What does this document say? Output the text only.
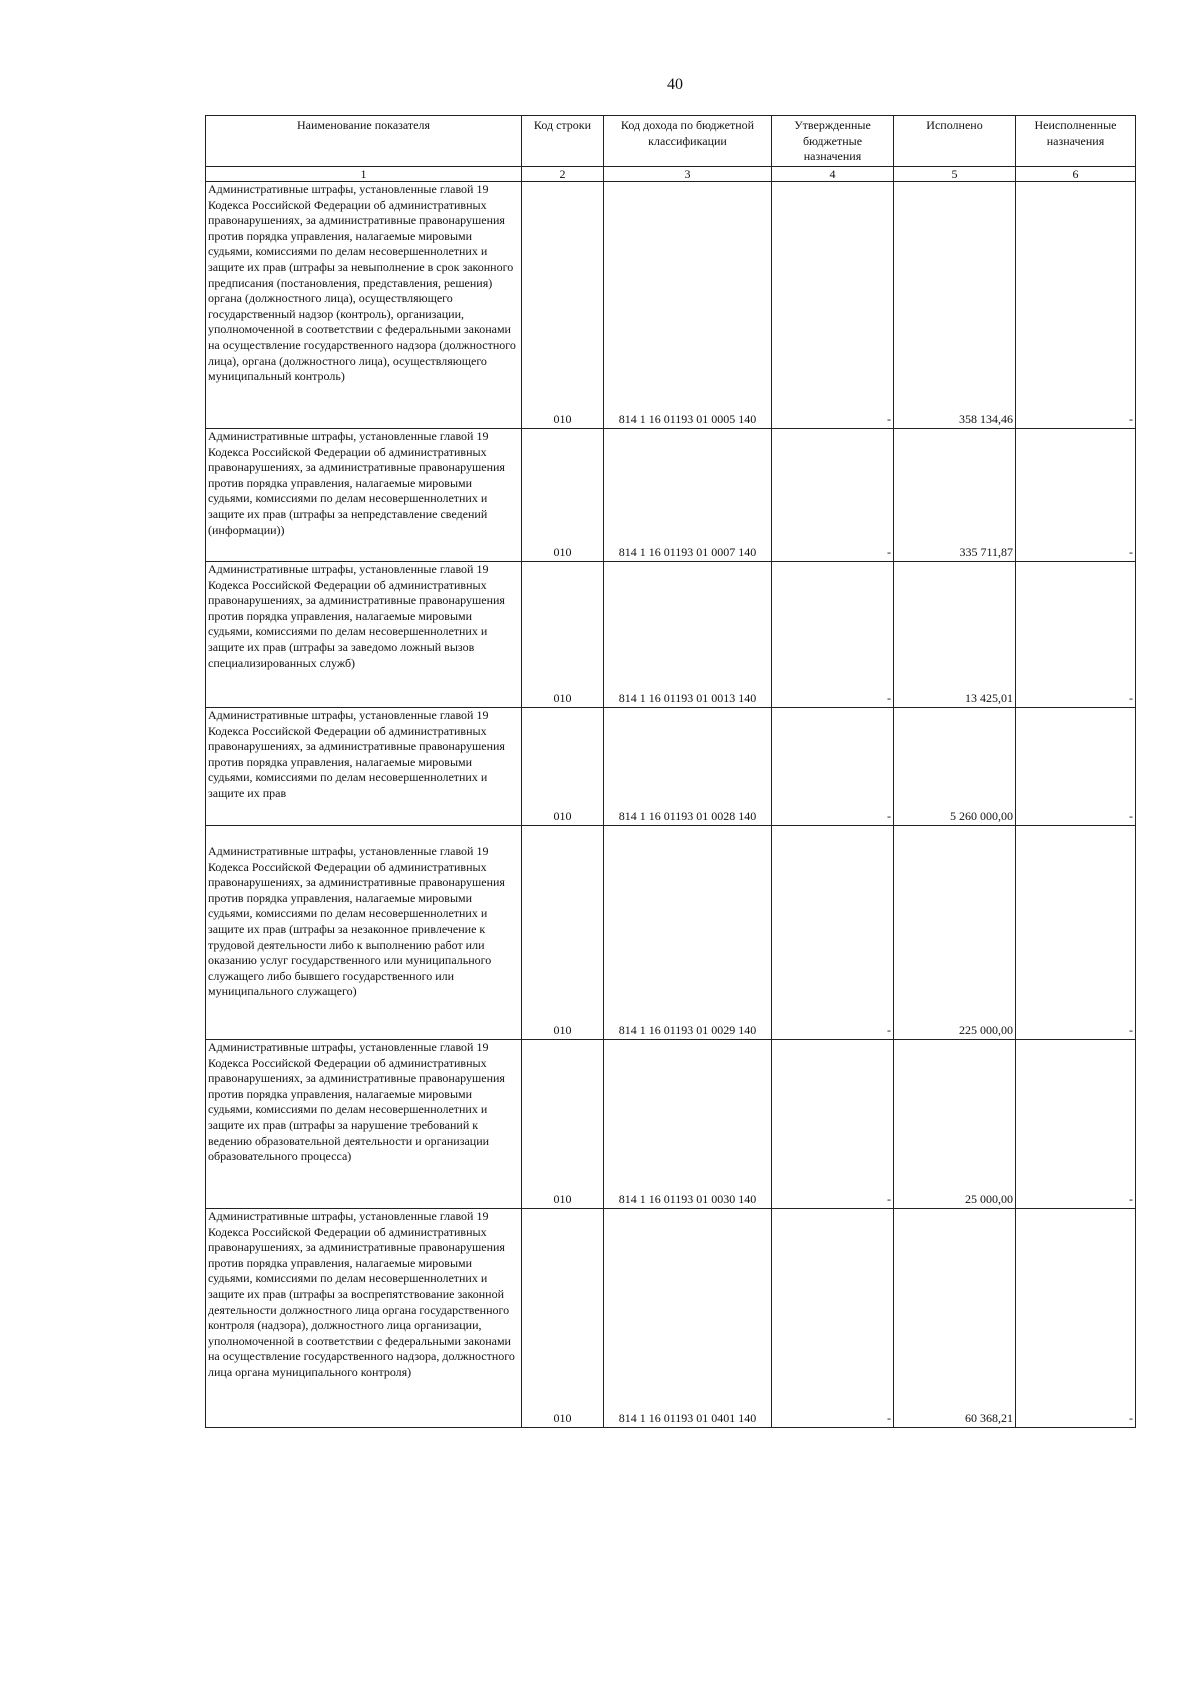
40
Наименование показателя	Код строки	Код дохода по бюджетной классификации	Утвержденные бюджетные назначения	Исполнено	Неисполненные назначения
1	2	3	4	5	6
Административные штрафы, установленные главой 19 Кодекса Российской Федерации об административных правонарушениях, за административные правонарушения против порядка управления, налагаемые мировыми судьями, комиссиями по делам несовершеннолетних и защите их прав (штрафы за невыполнение в срок законного предписания (постановления, представления, решения) органа (должностного лица), осуществляющего государственный надзор (контроль), организации, уполномоченной в соответствии с федеральными законами на осуществление государственного надзора (должностного лица), органа (должностного лица), осуществляющего муниципальный контроль)	010	814 1 16 01193 01 0005 140	-	358 134,46	-
Административные штрафы, установленные главой 19 Кодекса Российской Федерации об административных правонарушениях, за административные правонарушения против порядка управления, налагаемые мировыми судьями, комиссиями по делам несовершеннолетних и защите их прав (штрафы за непредставление сведений (информации))	010	814 1 16 01193 01 0007 140	-	335 711,87	-
Административные штрафы, установленные главой 19 Кодекса Российской Федерации об административных правонарушениях, за административные правонарушения против порядка управления, налагаемые мировыми судьями, комиссиями по делам несовершеннолетних и защите их прав (штрафы за заведомо ложный вызов специализированных служб)	010	814 1 16 01193 01 0013 140	-	13 425,01	-
Административные штрафы, установленные главой 19 Кодекса Российской Федерации об административных правонарушениях, за административные правонарушения против порядка управления, налагаемые мировыми судьями, комиссиями по делам несовершеннолетних и защите их прав	010	814 1 16 01193 01 0028 140	-	5 260 000,00	-
Административные штрафы, установленные главой 19 Кодекса Российской Федерации об административных правонарушениях, за административные правонарушения против порядка управления, налагаемые мировыми судьями, комиссиями по делам несовершеннолетних и защите их прав (штрафы за незаконное привлечение к трудовой деятельности либо к выполнению работ или оказанию услуг государственного или муниципального служащего либо бывшего государственного или муниципального служащего)	010	814 1 16 01193 01 0029 140	-	225 000,00	-
Административные штрафы, установленные главой 19 Кодекса Российской Федерации об административных правонарушениях, за административные правонарушения против порядка управления, налагаемые мировыми судьями, комиссиями по делам несовершеннолетних и защите их прав (штрафы за нарушение требований к ведению образовательной деятельности и организации образовательного процесса)	010	814 1 16 01193 01 0030 140	-	25 000,00	-
Административные штрафы, установленные главой 19 Кодекса Российской Федерации об административных правонарушениях, за административные правонарушения против порядка управления, налагаемые мировыми судьями, комиссиями по делам несовершеннолетних и защите их прав (штрафы за воспрепятствование законной деятельности должностного лица органа государственного контроля (надзора), должностного лица организации, уполномоченной в соответствии с федеральными законами на осуществление государственного надзора, должностного лица органа муниципального контроля)	010	814 1 16 01193 01 0401 140	-	60 368,21	-
